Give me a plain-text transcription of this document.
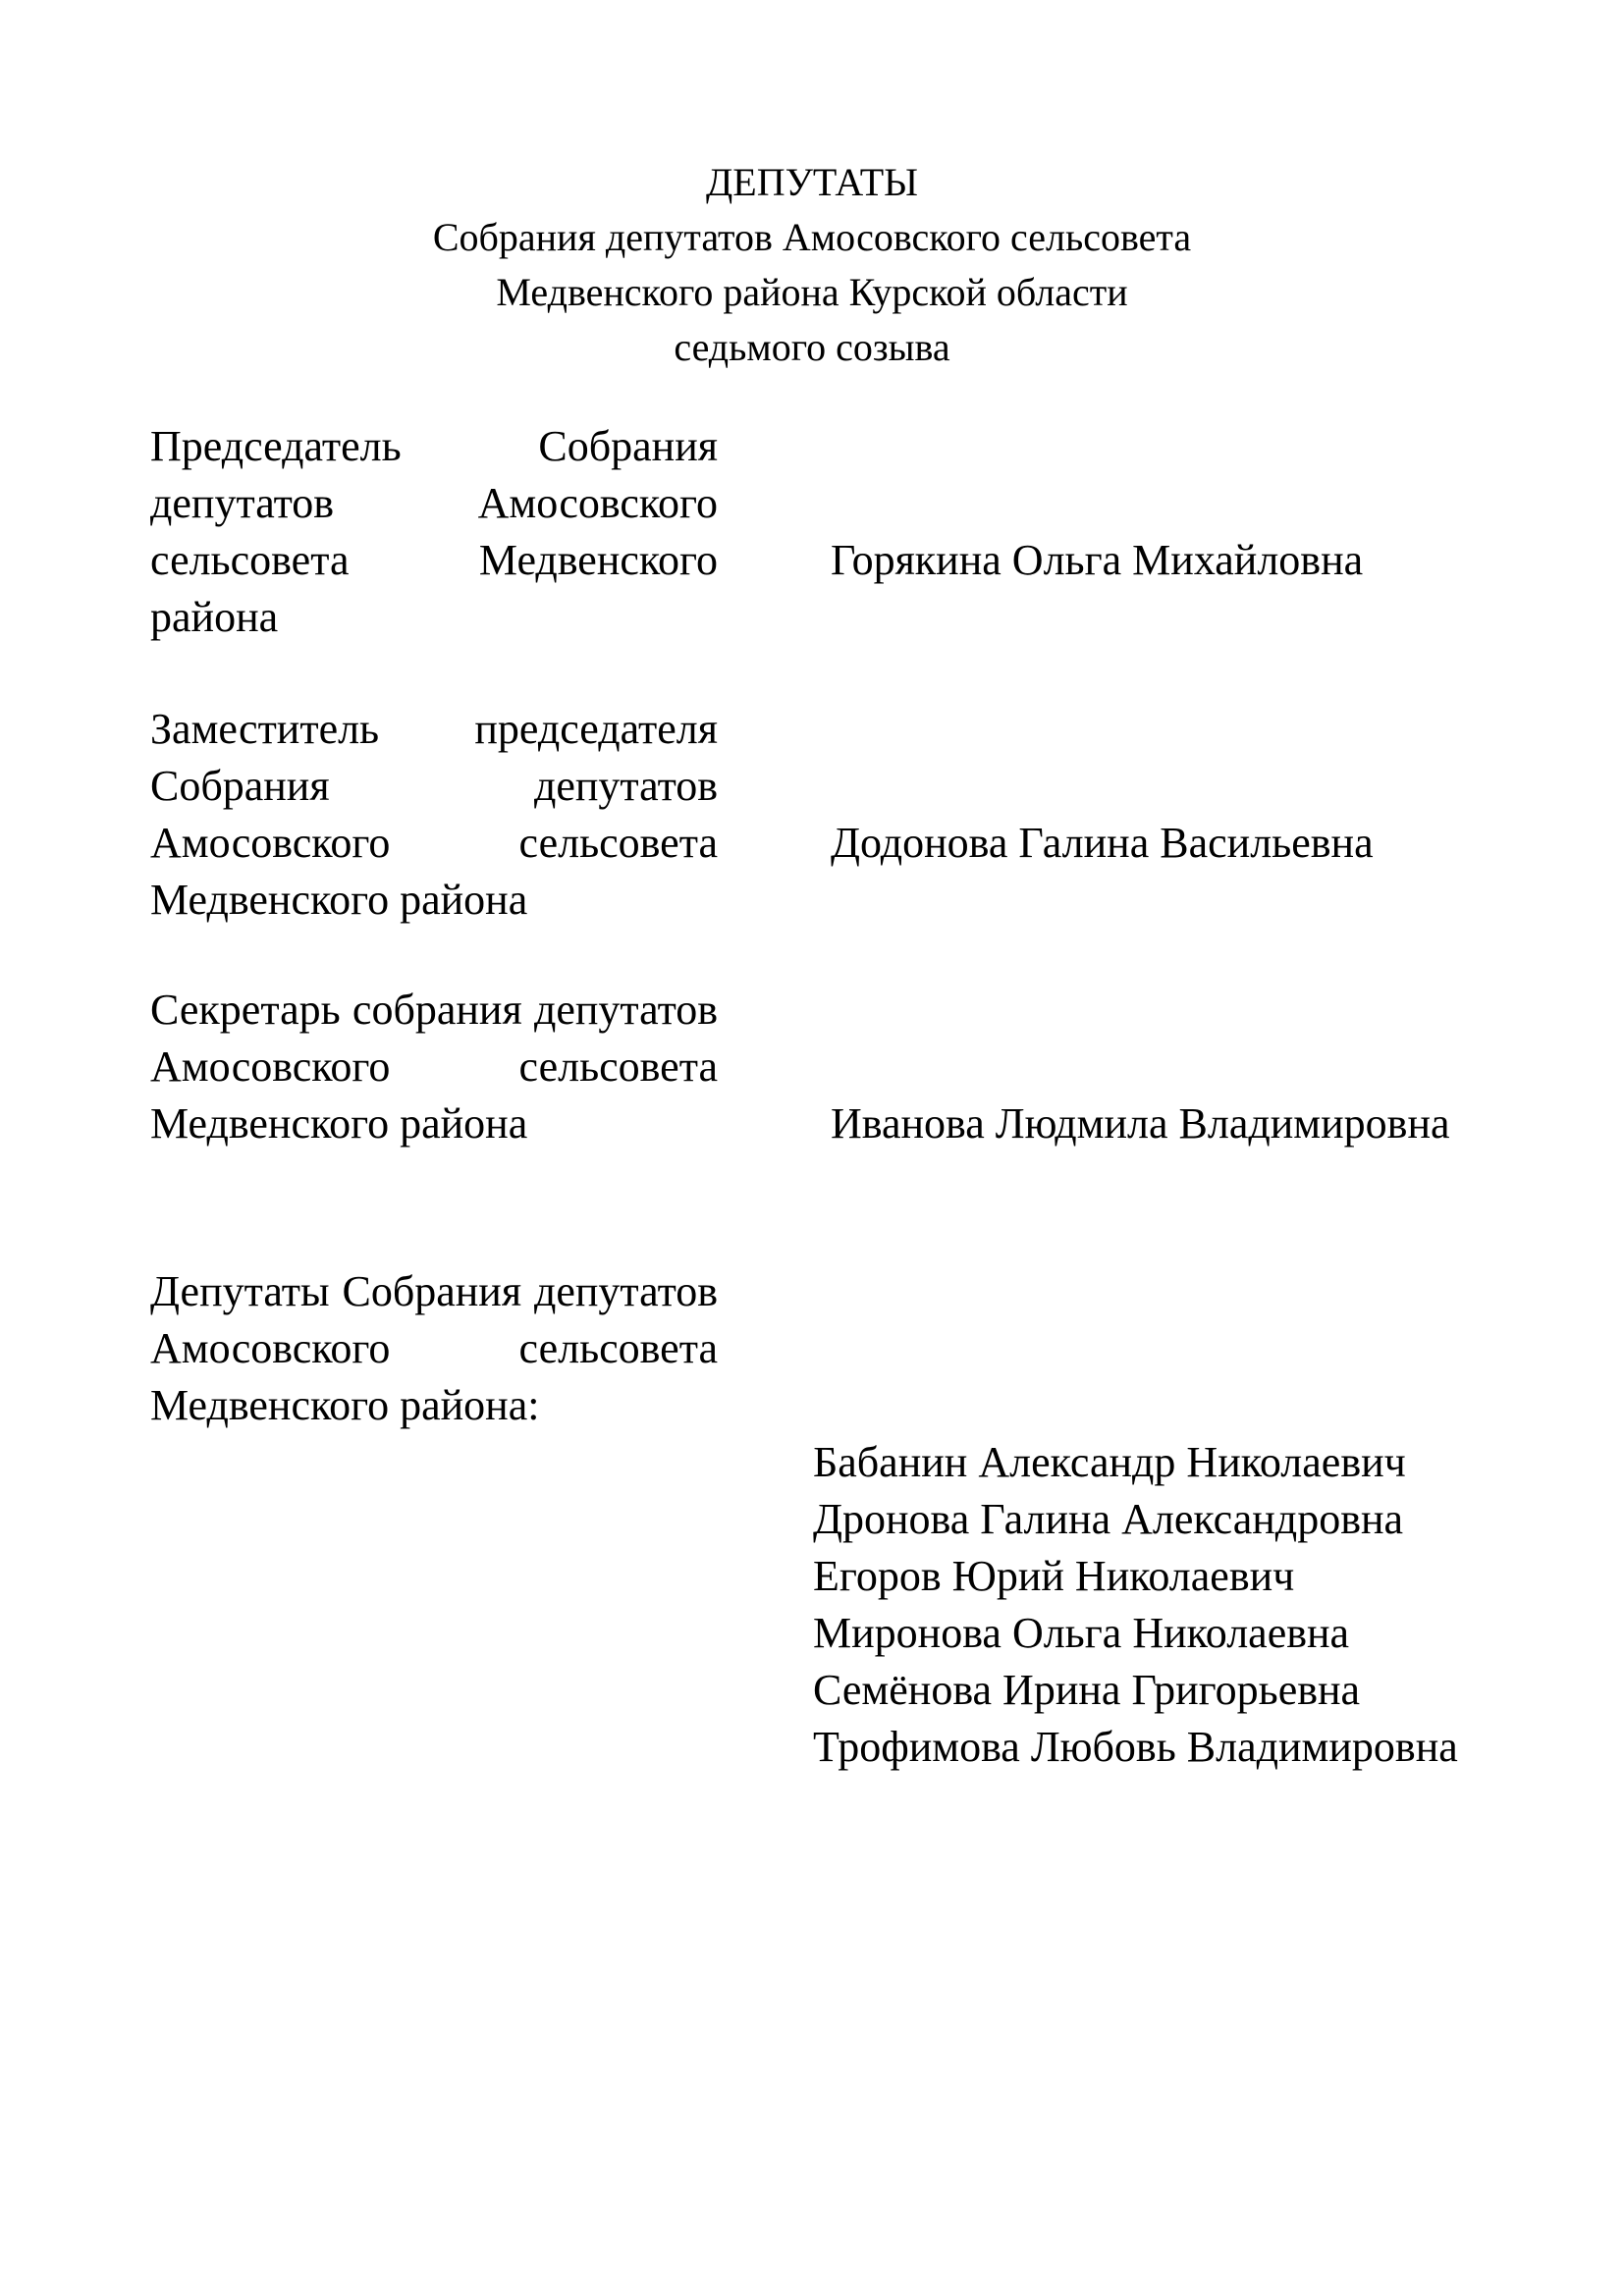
ДЕПУТАТЫ
Собрания депутатов Амосовского сельсовета
Медвенского района Курской области
седьмого созыва
Председатель Собрания депутатов Амосовского сельсовета Медвенского района
Горякина Ольга Михайловна
Заместитель председателя Собрания депутатов Амосовского сельсовета Медвенского района
Додонова Галина Васильевна
Секретарь собрания депутатов Амосовского сельсовета Медвенского района	Иванова Людмила Владимировна
Депутаты Собрания депутатов Амосовского сельсовета Медвенского района:
Бабанин Александр Николаевич
Дронова Галина Александровна
Егоров Юрий Николаевич
Миронова Ольга Николаевна
Семёнова Ирина Григорьевна
Трофимова Любовь Владимировна
